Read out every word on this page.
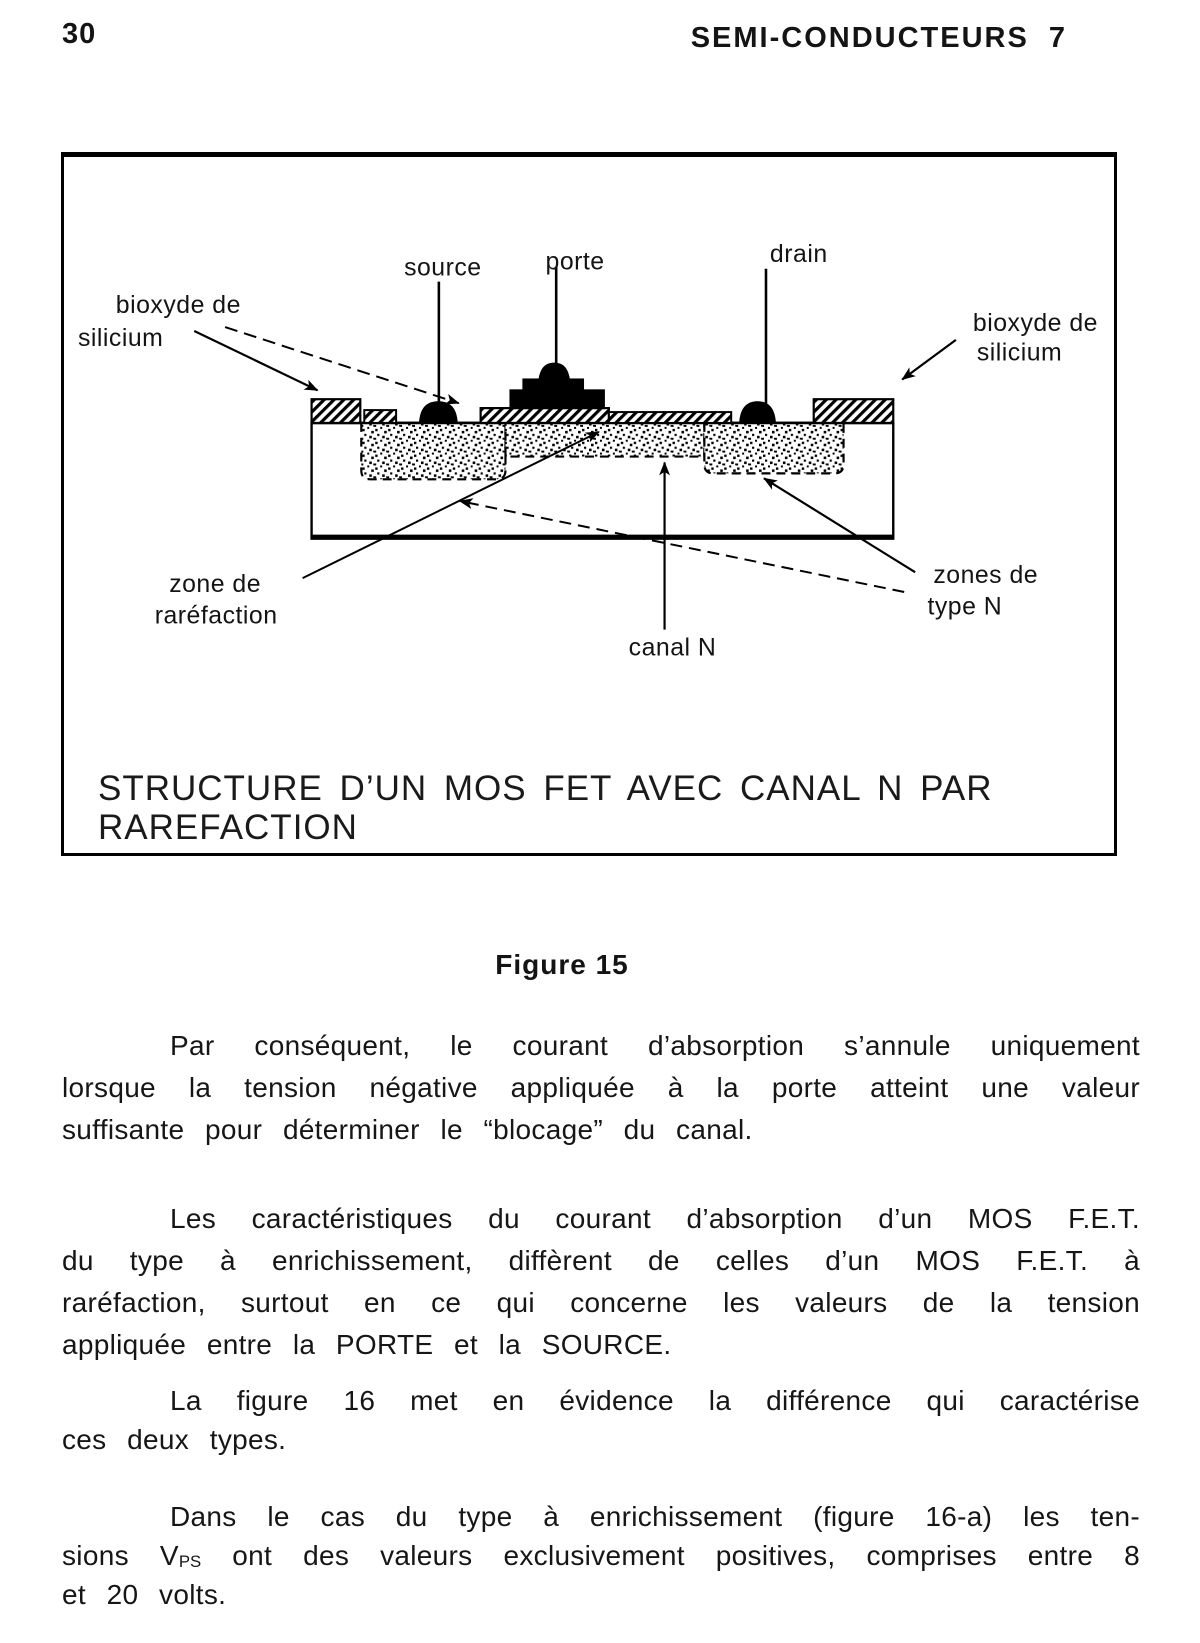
30	SEMI-CONDUCTEURS 7
source	porte	drain
bioxyde de
silicium
bioxyde de
silicium
zone de
raréfaction
canal N
zones de
type N
STRUCTURE D’UN MOS FET AVEC CANAL N PAR
RAREFACTION
Figure 15
Par conséquent, le courant d’absorption s’annule uniquement
lorsque la tension négative appliquée à la porte atteint une valeur
suffisante pour déterminer le “blocage” du canal.
Les caractéristiques du courant d’absorption d’un MOS F.E.T.
du type à enrichissement, diffèrent de celles d’un MOS F.E.T. à
raréfaction, surtout en ce qui concerne les valeurs de la tension
appliquée entre la PORTE et la SOURCE.
La figure 16 met en évidence la différence qui caractérise
ces deux types.
Dans le cas du type à enrichissement (figure 16-a) les ten-
sions VPS ont des valeurs exclusivement positives, comprises entre 8
et 20 volts.
